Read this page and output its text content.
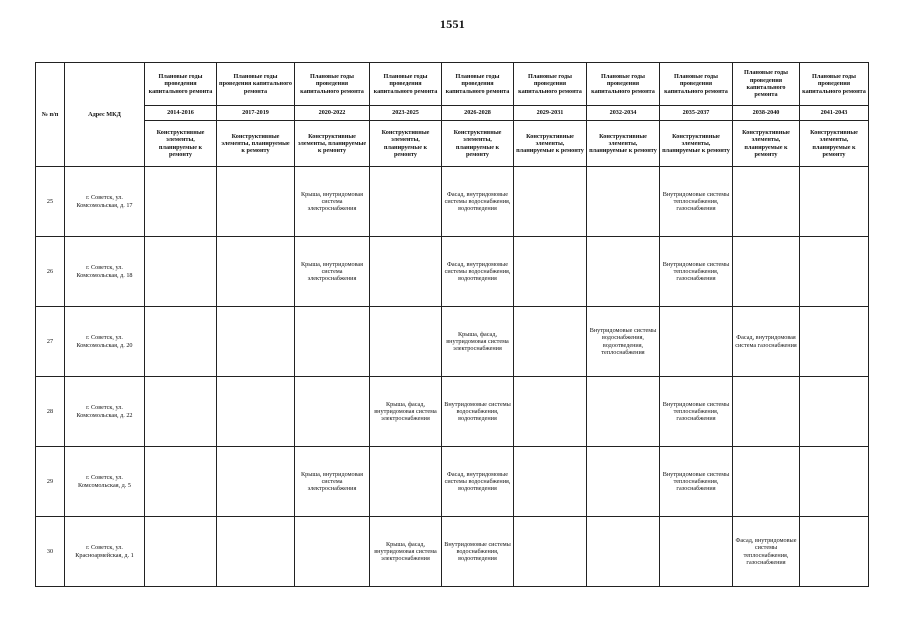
1551
№ п/п	Адрес МКД	Плановые годы проведения капитального ремонта	Плановые годы проведения капитального ремонта	Плановые годы проведения капитального ремонта	Плановые годы проведения капитального ремонта	Плановые годы проведения капитального ремонта	Плановые годы проведения капитального ремонта	Плановые годы проведения капитального ремонта	Плановые годы проведения капитального ремонта	Плановые годы проведения капитального ремонта	Плановые годы проведения капитального ремонта
		2014-2016	2017-2019	2020-2022	2023-2025	2026-2028	2029-2031	2032-2034	2035-2037	2038-2040	2041-2043
		Конструктивные элементы, планируемые к ремонту	Конструктивные элементы, планируемые к ремонту	Конструктивные элементы, планируемые к ремонту	Конструктивные элементы, планируемые к ремонту	Конструктивные элементы, планируемые к ремонту	Конструктивные элементы, планируемые к ремонту	Конструктивные элементы, планируемые к ремонту	Конструктивные элементы, планируемые к ремонту	Конструктивные элементы, планируемые к ремонту	Конструктивные элементы, планируемые к ремонту
25	г. Советск, ул. Комсомольская, д. 17			Крыша, внутридомовая система электроснабжения		Фасад, внутридомовые системы водоснабжения, водоотведения			Внутридомовые системы теплоснабжения, газоснабжения		
26	г. Советск, ул. Комсомольская, д. 18			Крыша, внутридомовая система электроснабжения		Фасад, внутридомовые системы водоснабжения, водоотведения			Внутридомовые системы теплоснабжения, газоснабжения		
27	г. Советск, ул. Комсомольская, д. 20					Крыша, фасад, внутридомовая система электроснабжения		Внутридомовые системы водоснабжения, водоотведения, теплоснабжения		Фасад, внутридомовая система газоснабжения	
28	г. Советск, ул. Комсомольская, д. 22				Крыша, фасад, внутридомовая система электроснабжения	Внутридомовые системы водоснабжения, водоотведения			Внутридомовые системы теплоснабжения, газоснабжения		
29	г. Советск, ул. Комсомольская, д. 5			Крыша, внутридомовая система электроснабжения		Фасад, внутридомовые системы водоснабжения, водоотведения			Внутридомовые системы теплоснабжения, газоснабжения		
30	г. Советск, ул. Красноармейская, д. 1				Крыша, фасад, внутридомовая система электроснабжения	Внутридомовые системы водоснабжения, водоотведения				Фасад, внутридомовые системы теплоснабжения, газоснабжения	
